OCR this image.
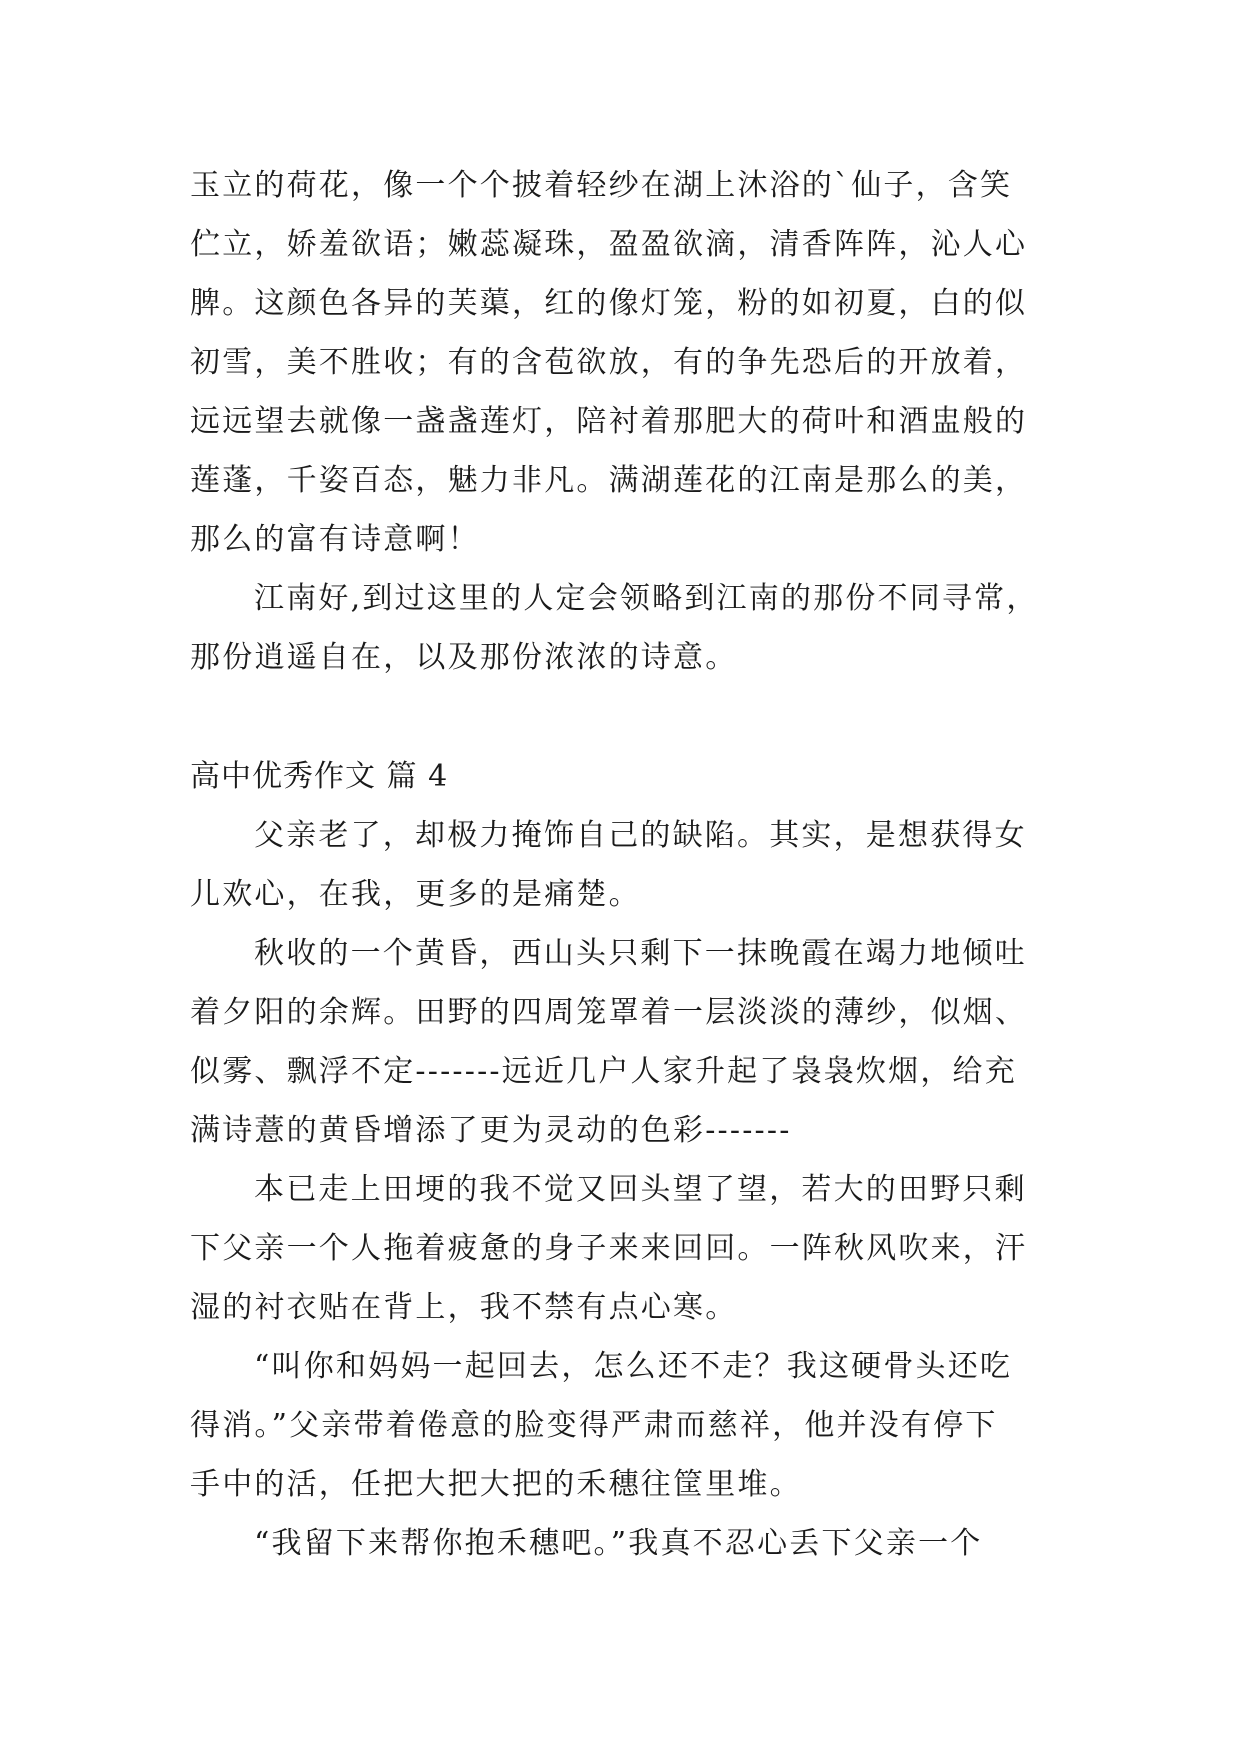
玉立的荷花，像一个个披着轻纱在湖上沐浴的`仙子，含笑

伫立，娇羞欲语；嫩蕊凝珠，盈盈欲滴，清香阵阵，沁人心

脾。这颜色各异的芙蕖，红的像灯笼，粉的如初夏，白的似

初雪，美不胜收；有的含苞欲放，有的争先恐后的开放着，

远远望去就像一盏盏莲灯，陪衬着那肥大的荷叶和酒盅般的

莲蓬，千姿百态，魅力非凡。满湖莲花的江南是那么的美，

那么的富有诗意啊！

江南好,到过这里的人定会领略到江南的那份不同寻常，

那份逍遥自在，以及那份浓浓的诗意。

高中优秀作文 篇 4

父亲老了，却极力掩饰自己的缺陷。其实，是想获得女

儿欢心，在我，更多的是痛楚。

秋收的一个黄昏，西山头只剩下一抹晚霞在竭力地倾吐

着夕阳的余辉。田野的四周笼罩着一层淡淡的薄纱，似烟、

似雾、飘浮不定-------远近几户人家升起了袅袅炊烟，给充

满诗薏的黄昏增添了更为灵动的色彩-------

本已走上田埂的我不觉又回头望了望，若大的田野只剩

下父亲一个人拖着疲惫的身子来来回回。一阵秋风吹来，汗

湿的衬衣贴在背上，我不禁有点心寒。

“叫你和妈妈一起回去，怎么还不走？我这硬骨头还吃

得消。”父亲带着倦意的脸变得严肃而慈祥，他并没有停下

手中的活，任把大把大把的禾穗往筐里堆。

“我留下来帮你抱禾穗吧。”我真不忍心丢下父亲一个
